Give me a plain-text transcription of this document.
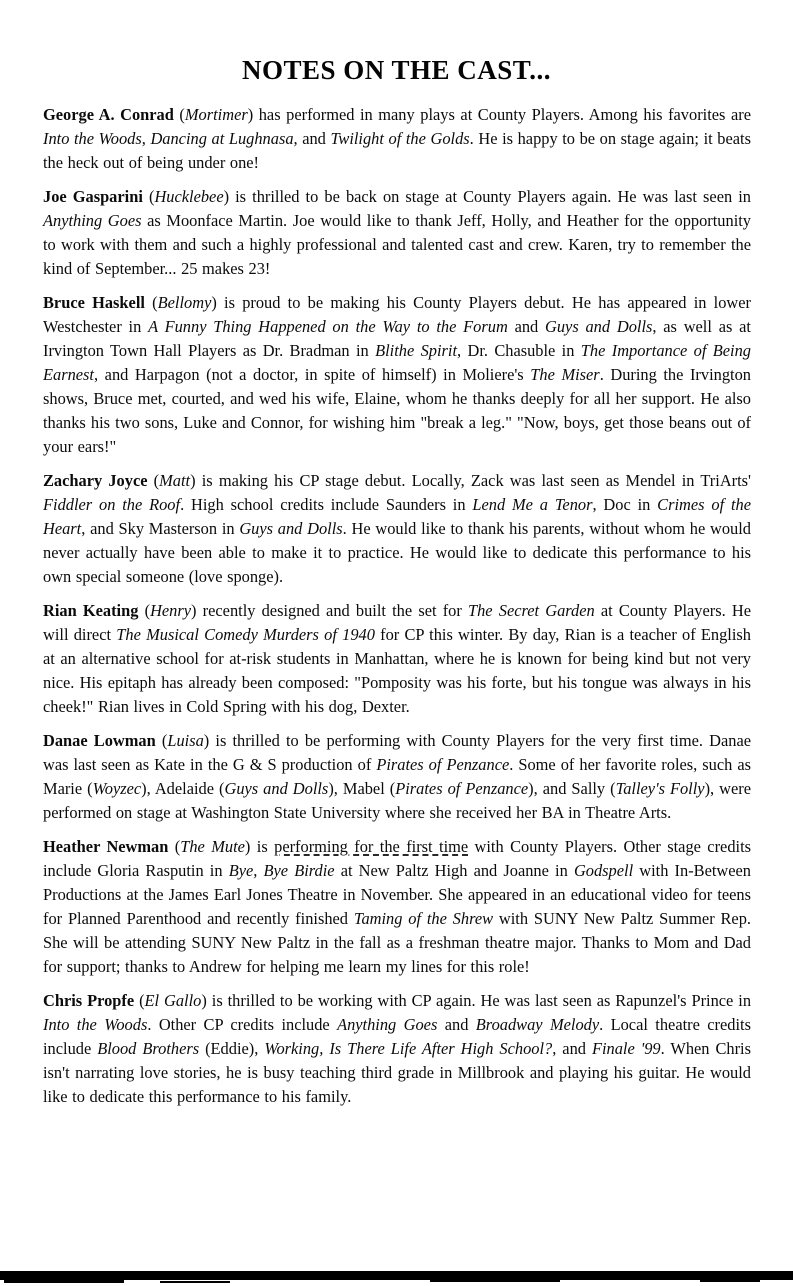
NOTES ON THE CAST...

George A. Conrad (Mortimer) has performed in many plays at County Players. Among his favorites are Into the Woods, Dancing at Lughnasa, and Twilight of the Golds. He is happy to be on stage again; it beats the heck out of being under one!

Joe Gasparini (Hucklebee) is thrilled to be back on stage at County Players again. He was last seen in Anything Goes as Moonface Martin. Joe would like to thank Jeff, Holly, and Heather for the opportunity to work with them and such a highly professional and talented cast and crew. Karen, try to remember the kind of September... 25 makes 23!

Bruce Haskell (Bellomy) is proud to be making his County Players debut. He has appeared in lower Westchester in A Funny Thing Happened on the Way to the Forum and Guys and Dolls, as well as at Irvington Town Hall Players as Dr. Bradman in Blithe Spirit, Dr. Chasuble in The Importance of Being Earnest, and Harpagon (not a doctor, in spite of himself) in Moliere's The Miser. During the Irvington shows, Bruce met, courted, and wed his wife, Elaine, whom he thanks deeply for all her support. He also thanks his two sons, Luke and Connor, for wishing him "break a leg." "Now, boys, get those beans out of your ears!"

Zachary Joyce (Matt) is making his CP stage debut. Locally, Zack was last seen as Mendel in TriArts' Fiddler on the Roof. High school credits include Saunders in Lend Me a Tenor, Doc in Crimes of the Heart, and Sky Masterson in Guys and Dolls. He would like to thank his parents, without whom he would never actually have been able to make it to practice. He would like to dedicate this performance to his own special someone (love sponge).

Rian Keating (Henry) recently designed and built the set for The Secret Garden at County Players. He will direct The Musical Comedy Murders of 1940 for CP this winter. By day, Rian is a teacher of English at an alternative school for at-risk students in Manhattan, where he is known for being kind but not very nice. His epitaph has already been composed: "Pomposity was his forte, but his tongue was always in his cheek!" Rian lives in Cold Spring with his dog, Dexter.

Danae Lowman (Luisa) is thrilled to be performing with County Players for the very first time. Danae was last seen as Kate in the G & S production of Pirates of Penzance. Some of her favorite roles, such as Marie (Woyzec), Adelaide (Guys and Dolls), Mabel (Pirates of Penzance), and Sally (Talley's Folly), were performed on stage at Washington State University where she received her BA in Theatre Arts.

Heather Newman (The Mute) is performing for the first time with County Players. Other stage credits include Gloria Rasputin in Bye, Bye Birdie at New Paltz High and Joanne in Godspell with In-Between Productions at the James Earl Jones Theatre in November. She appeared in an educational video for teens for Planned Parenthood and recently finished Taming of the Shrew with SUNY New Paltz Summer Rep. She will be attending SUNY New Paltz in the fall as a freshman theatre major. Thanks to Mom and Dad for support; thanks to Andrew for helping me learn my lines for this role!

Chris Propfe (El Gallo) is thrilled to be working with CP again. He was last seen as Rapunzel's Prince in Into the Woods. Other CP credits include Anything Goes and Broadway Melody. Local theatre credits include Blood Brothers (Eddie), Working, Is There Life After High School?, and Finale '99. When Chris isn't narrating love stories, he is busy teaching third grade in Millbrook and playing his guitar. He would like to dedicate this performance to his family.
